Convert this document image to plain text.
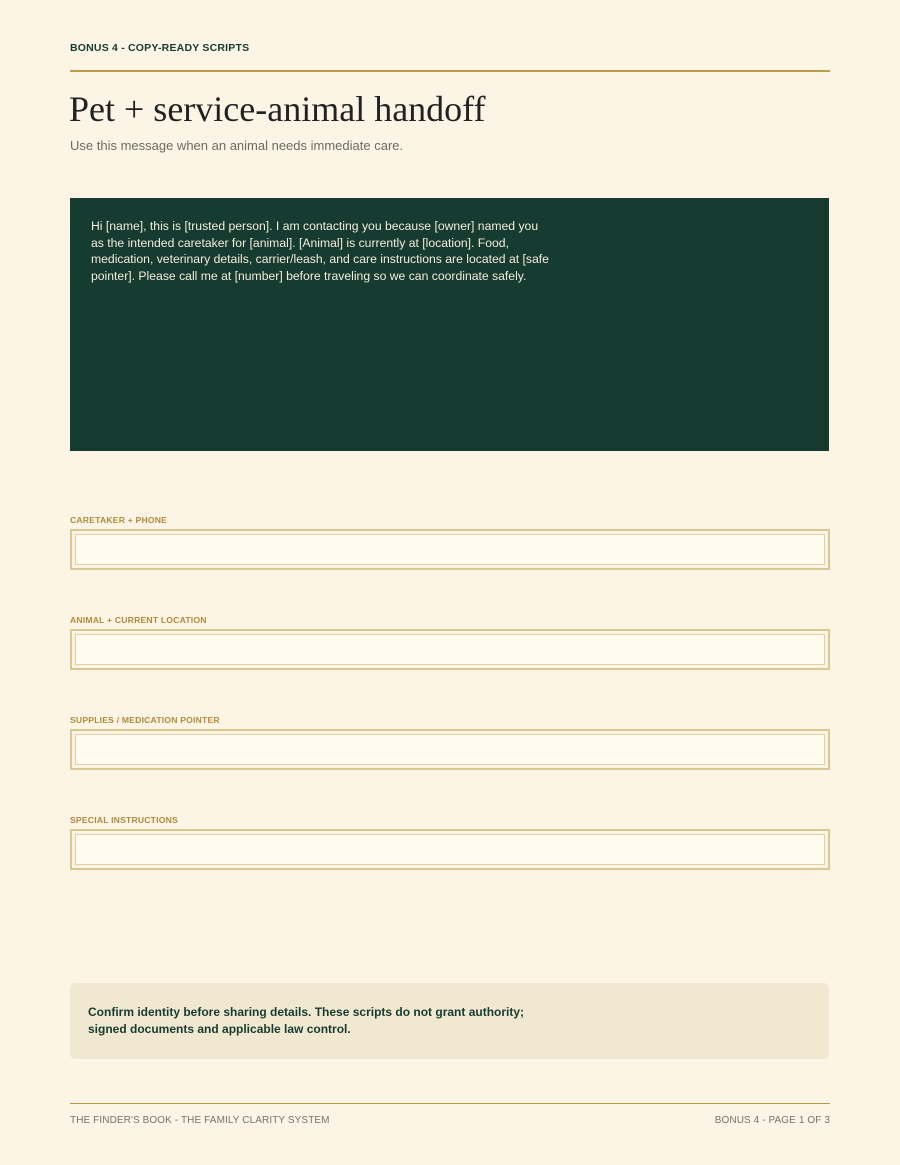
BONUS 4 - COPY-READY SCRIPTS
Pet + service-animal handoff
Use this message when an animal needs immediate care.
Hi [name], this is [trusted person]. I am contacting you because [owner] named you as the intended caretaker for [animal]. [Animal] is currently at [location]. Food, medication, veterinary details, carrier/leash, and care instructions are located at [safe pointer]. Please call me at [number] before traveling so we can coordinate safely.
CARETAKER + PHONE
ANIMAL + CURRENT LOCATION
SUPPLIES / MEDICATION POINTER
SPECIAL INSTRUCTIONS
Confirm identity before sharing details. These scripts do not grant authority; signed documents and applicable law control.
THE FINDER'S BOOK - THE FAMILY CLARITY SYSTEM	BONUS 4 - PAGE 1 OF 3
